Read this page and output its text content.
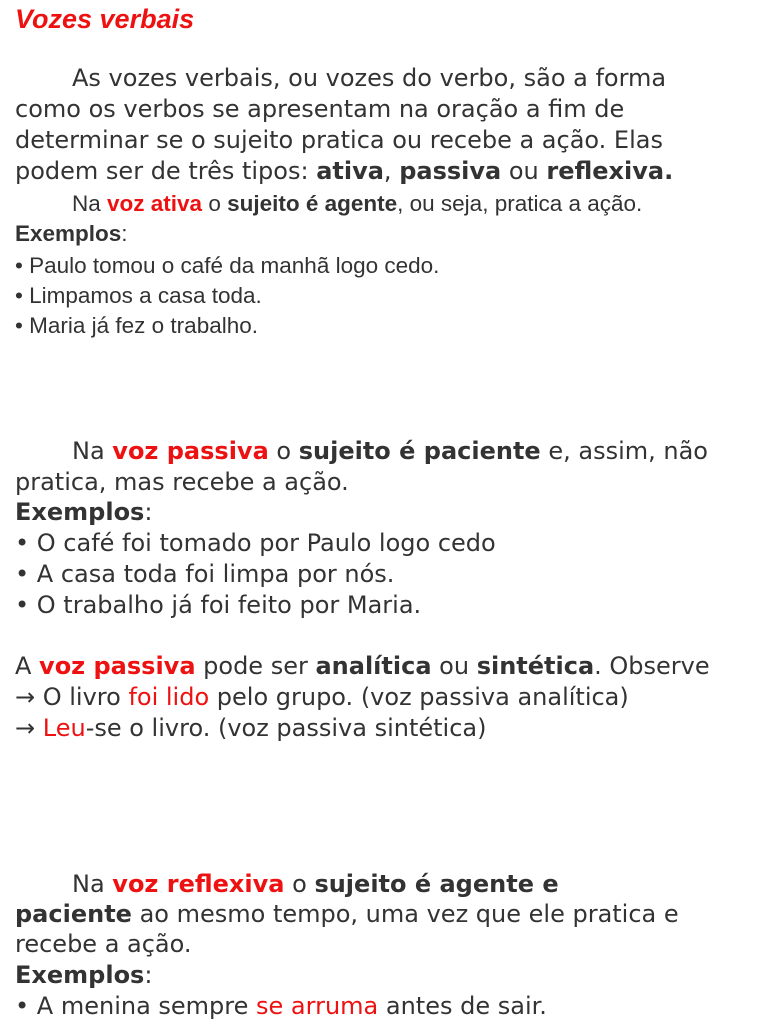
Vozes verbais
As vozes verbais, ou vozes do verbo, são a forma
como os verbos se apresentam na oração a fim de
determinar se o sujeito pratica ou recebe a ação. Elas
podem ser de três tipos: ativa, passiva ou reflexiva.
Na voz ativa o sujeito é agente, ou seja, pratica a ação.
Exemplos:
• Paulo tomou o café da manhã logo cedo.
• Limpamos a casa toda.
• Maria já fez o trabalho.
Na voz passiva o sujeito é paciente e, assim, não
pratica, mas recebe a ação.
Exemplos:
• O café foi tomado por Paulo logo cedo
• A casa toda foi limpa por nós.
• O trabalho já foi feito por Maria.
A voz passiva pode ser analítica ou sintética. Observe
→ O livro foi lido pelo grupo. (voz passiva analítica)
→ Leu-se o livro. (voz passiva sintética)
Na voz reflexiva o sujeito é agente e
paciente ao mesmo tempo, uma vez que ele pratica e
recebe a ação.
Exemplos:
• A menina sempre se arruma antes de sair.
